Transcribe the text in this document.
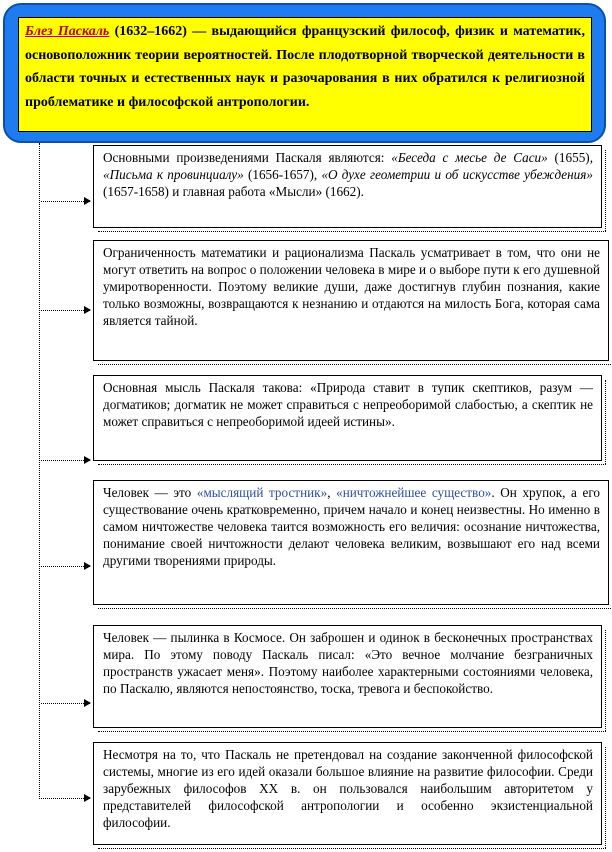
Блез Паскаль (1632–1662) — выдающийся французский философ, физик и математик, основоположник теории вероятностей. После плодотворной творческой деятельности в области точных и естественных наук и разочарования в них обратился к религиозной проблематике и философской антропологии.
Основными произведениями Паскаля являются: «Беседа с месье де Саси» (1655), «Письма к провинциалу» (1656-1657), «О духе геометрии и об искусстве убеждения» (1657-1658) и главная работа «Мысли» (1662).
Ограниченность математики и рационализма Паскаль усматривает в том, что они не могут ответить на вопрос о положении человека в мире и о выборе пути к его душевной умиротворенности. Поэтому великие души, даже достигнув глубин познания, какие только возможны, возвращаются к незнанию и отдаются на милость Бога, которая сама является тайной.
Основная мысль Паскаля такова: «Природа ставит в тупик скептиков, разум — догматиков; догматик не может справиться с непреоборимой слабостью, а скептик не может справиться с непреоборимой идеей истины».
Человек — это «мыслящий тростник», «ничтожнейшее существо». Он хрупок, а его существование очень кратковременно, причем начало и конец неизвестны. Но именно в самом ничтожестве человека таится возможность его величия: осознание ничтожества, понимание своей ничтожности делают человека великим, возвышают его над всеми другими творениями природы.
Человек — пылинка в Космосе. Он заброшен и одинок в бесконечных пространствах мира. По этому поводу Паскаль писал: «Это вечное молчание безграничных пространств ужасает меня». Поэтому наиболее характерными состояниями человека, по Паскалю, являются непостоянство, тоска, тревога и беспокойство.
Несмотря на то, что Паскаль не претендовал на создание законченной философской системы, многие из его идей оказали большое влияние на развитие философии. Среди зарубежных философов XX в. он пользовался наибольшим авторитетом у представителей философской антропологии и особенно экзистенциальной философии.
